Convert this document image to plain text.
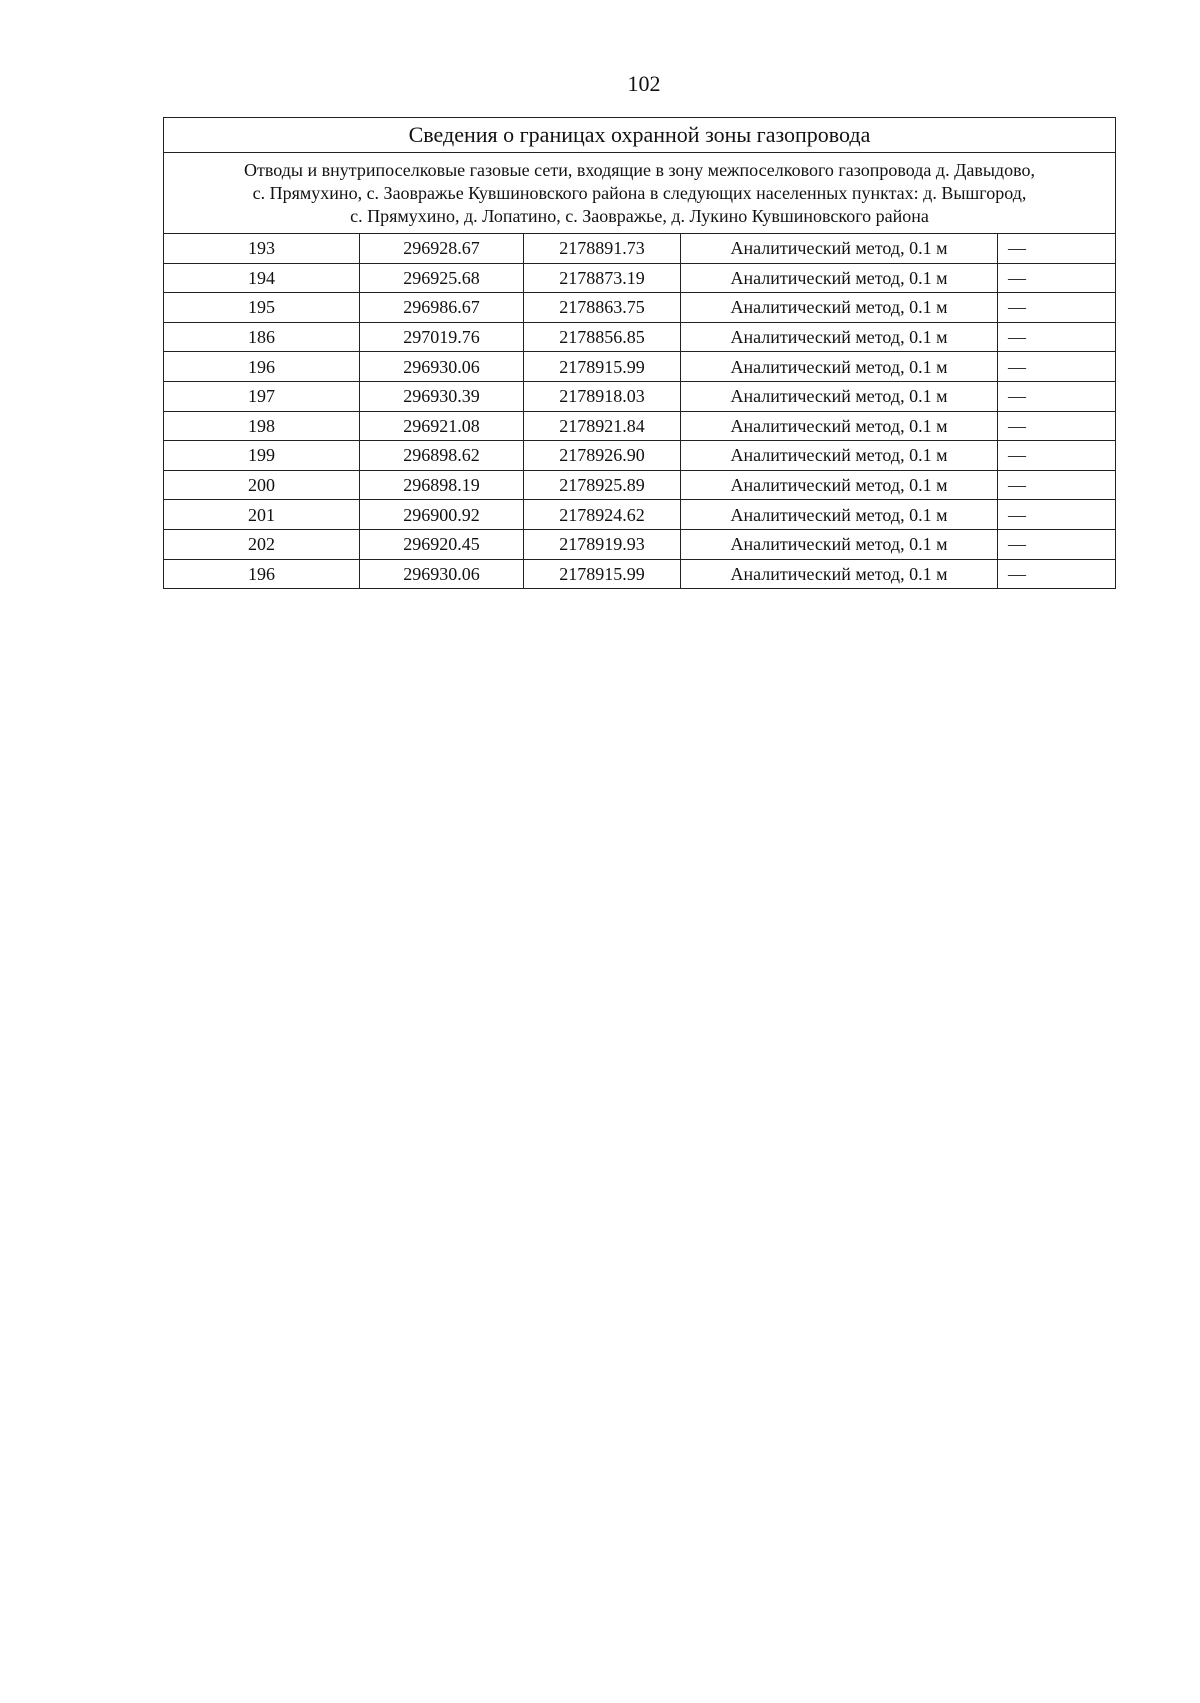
102
Сведения о границах охранной зоны газопровода				
Отводы и внутрипоселковые газовые сети, входящие в зону межпоселкового газопровода д. Давыдово,
с. Прямухино, с. Заовражье Кувшиновского района в следующих населенных пунктах: д. Вышгород,
с. Прямухино, д. Лопатино, с. Заовражье, д. Лукино Кувшиновского района				
193	296928.67	2178891.73	Аналитический метод, 0.1 м	—
194	296925.68	2178873.19	Аналитический метод, 0.1 м	—
195	296986.67	2178863.75	Аналитический метод, 0.1 м	—
186	297019.76	2178856.85	Аналитический метод, 0.1 м	—
196	296930.06	2178915.99	Аналитический метод, 0.1 м	—
197	296930.39	2178918.03	Аналитический метод, 0.1 м	—
198	296921.08	2178921.84	Аналитический метод, 0.1 м	—
199	296898.62	2178926.90	Аналитический метод, 0.1 м	—
200	296898.19	2178925.89	Аналитический метод, 0.1 м	—
201	296900.92	2178924.62	Аналитический метод, 0.1 м	—
202	296920.45	2178919.93	Аналитический метод, 0.1 м	—
196	296930.06	2178915.99	Аналитический метод, 0.1 м	—
